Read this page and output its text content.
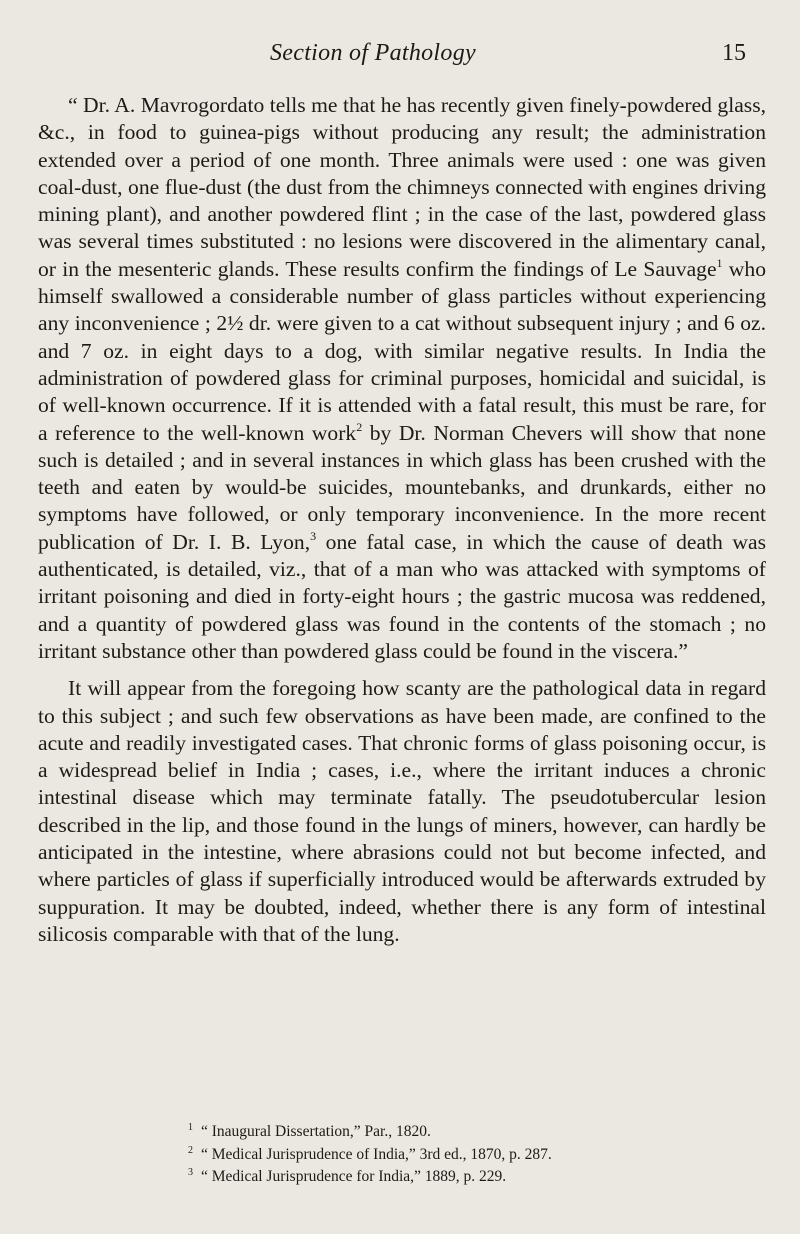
Section of Pathology	15

“ Dr. A. Mavrogordato tells me that he has recently given finely-powdered glass, &c., in food to guinea-pigs without producing any result; the administration extended over a period of one month. Three animals were used : one was given coal-dust, one flue-dust (the dust from the chimneys connected with engines driving mining plant), and another powdered flint ; in the case of the last, powdered glass was several times substituted : no lesions were discovered in the alimentary canal, or in the mesenteric glands. These results confirm the findings of Le Sauvage$^1$ who himself swallowed a considerable number of glass particles without experiencing any inconvenience ; 2½ dr. were given to a cat without subsequent injury ; and 6 oz. and 7 oz. in eight days to a dog, with similar negative results. In India the administration of powdered glass for criminal purposes, homicidal and suicidal, is of well-known occurrence. If it is attended with a fatal result, this must be rare, for a reference to the well-known work$^2$ by Dr. Norman Chevers will show that none such is detailed ; and in several instances in which glass has been crushed with the teeth and eaten by would-be suicides, mountebanks, and drunkards, either no symptoms have followed, or only temporary inconvenience. In the more recent publication of Dr. I. B. Lyon,$^3$ one fatal case, in which the cause of death was authenticated, is detailed, viz., that of a man who was attacked with symptoms of irritant poisoning and died in forty-eight hours ; the gastric mucosa was reddened, and a quantity of powdered glass was found in the contents of the stomach ; no irritant substance other than powdered glass could be found in the viscera.”

It will appear from the foregoing how scanty are the pathological data in regard to this subject ; and such few observations as have been made, are confined to the acute and readily investigated cases. That chronic forms of glass poisoning occur, is a widespread belief in India ; cases, i.e., where the irritant induces a chronic intestinal disease which may terminate fatally. The pseudotubercular lesion described in the lip, and those found in the lungs of miners, however, can hardly be anticipated in the intestine, where abrasions could not but become infected, and where particles of glass if superficially introduced would be afterwards extruded by suppuration. It may be doubted, indeed, whether there is any form of intestinal silicosis comparable with that of the lung.

$^1$ “ Inaugural Dissertation,” Par., 1820.
$^2$ “ Medical Jurisprudence of India,” 3rd ed., 1870, p. 287.
$^3$ “ Medical Jurisprudence for India,” 1889, p. 229.
